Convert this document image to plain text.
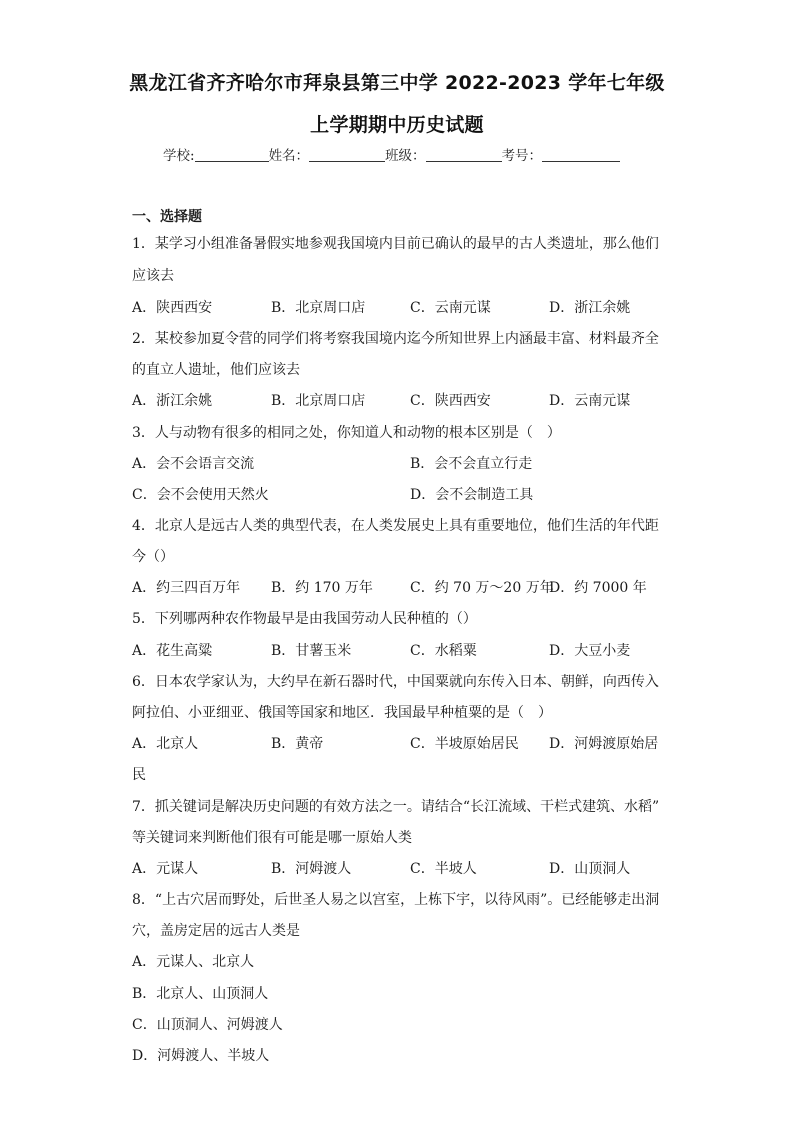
黑龙江省齐齐哈尔市拜泉县第三中学 2022-2023 学年七年级
上学期期中历史试题
学校:	姓名：	班级：	考号：
一、选择题
1．某学习小组准备暑假实地参观我国境内目前已确认的最早的古人类遗址，那么他们
应该去
A．陕西西安	B．北京周口店	C．云南元谋	D．浙江余姚
2．某校参加夏令营的同学们将考察我国境内迄今所知世界上内涵最丰富、材料最齐全
的直立人遗址，他们应该去
A．浙江余姚	B．北京周口店	C．陕西西安	D．云南元谋
3．人与动物有很多的相同之处，你知道人和动物的根本区别是（　）
A．会不会语言交流	B．会不会直立行走
C．会不会使用天然火	D．会不会制造工具
4．北京人是远古人类的典型代表，在人类发展史上具有重要地位，他们生活的年代距
今（）
A．约三四百万年 B．约 170 万年	C．约 70 万～20 万年
D．约 7000 年
5．下列哪两种农作物最早是由我国劳动人民种植的（）
A．花生高粱	B．甘薯玉米	C．水稻粟	D．大豆小麦
6．日本农学家认为，大约早在新石器时代，中国粟就向东传入日本、朝鲜，向西传入
阿拉伯、小亚细亚、俄国等国家和地区．我国最早种植粟的是（　）
A．北京人	B．黄帝	C．半坡原始居民 D．河姆渡原始居
民
7．抓关键词是解决历史问题的有效方法之一。请结合“长江流域、干栏式建筑、水稻”
等关键词来判断他们很有可能是哪一原始人类
A．元谋人	B．河姆渡人	C．半坡人	D．山顶洞人
8．“上古穴居而野处，后世圣人易之以宫室，上栋下宇，以待风雨”。已经能够走出洞
穴，盖房定居的远古人类是
A．元谋人、北京人
B．北京人、山顶洞人
C．山顶洞人、河姆渡人
D．河姆渡人、半坡人
